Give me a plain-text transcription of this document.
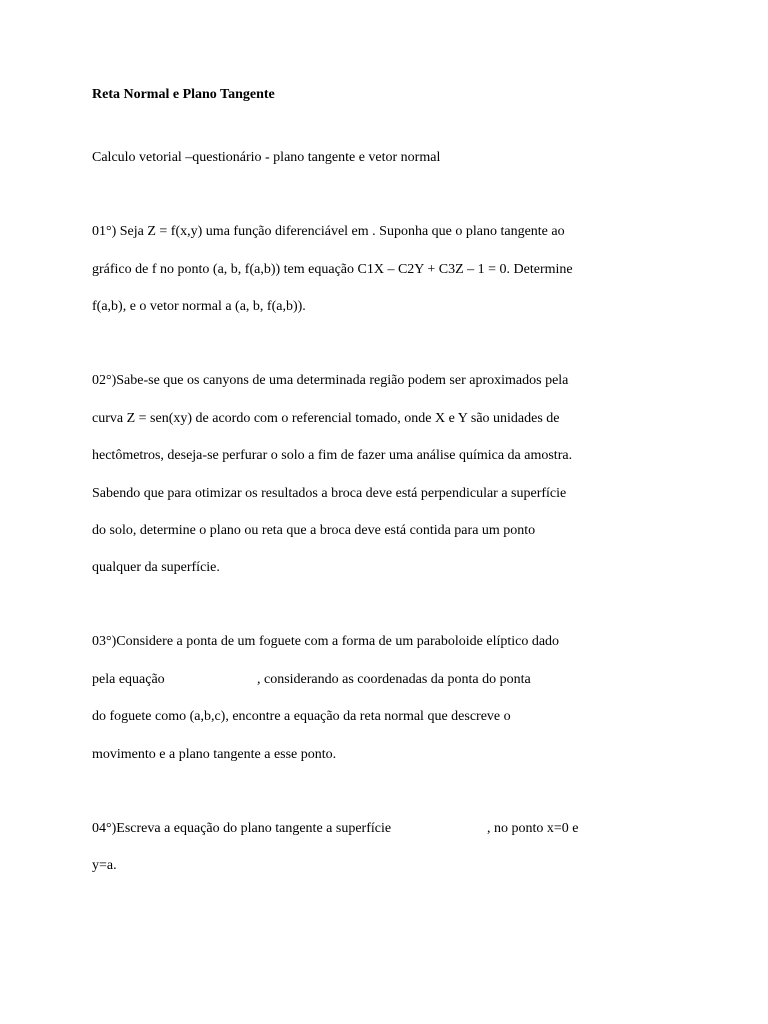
Reta Normal e Plano Tangente
Calculo vetorial –questionário - plano tangente e vetor normal
01°) Seja Z = f(x,y) uma função diferenciável em . Suponha que o plano tangente ao
gráfico de f no ponto (a, b, f(a,b)) tem equação C1X – C2Y + C3Z – 1 = 0. Determine
f(a,b), e o vetor normal a (a, b, f(a,b)).
02°)Sabe-se que os canyons de uma determinada região podem ser aproximados pela
curva Z = sen(xy) de acordo com o referencial tomado, onde X e Y são unidades de
hectômetros, deseja-se perfurar o solo a fim de fazer uma análise química da amostra.
Sabendo que para otimizar os resultados a broca deve está perpendicular a superfície
do solo, determine o plano ou reta que a broca deve está contida para um ponto
qualquer da superfície.
03°)Considere a ponta de um foguete com a forma de um paraboloide elíptico dado
pela equação	, considerando as coordenadas da ponta do ponta
do foguete como (a,b,c), encontre a equação da reta normal que descreve o
movimento e a plano tangente a esse ponto.
04°)Escreva a equação do plano tangente a superfície	, no ponto x=0 e
y=a.
